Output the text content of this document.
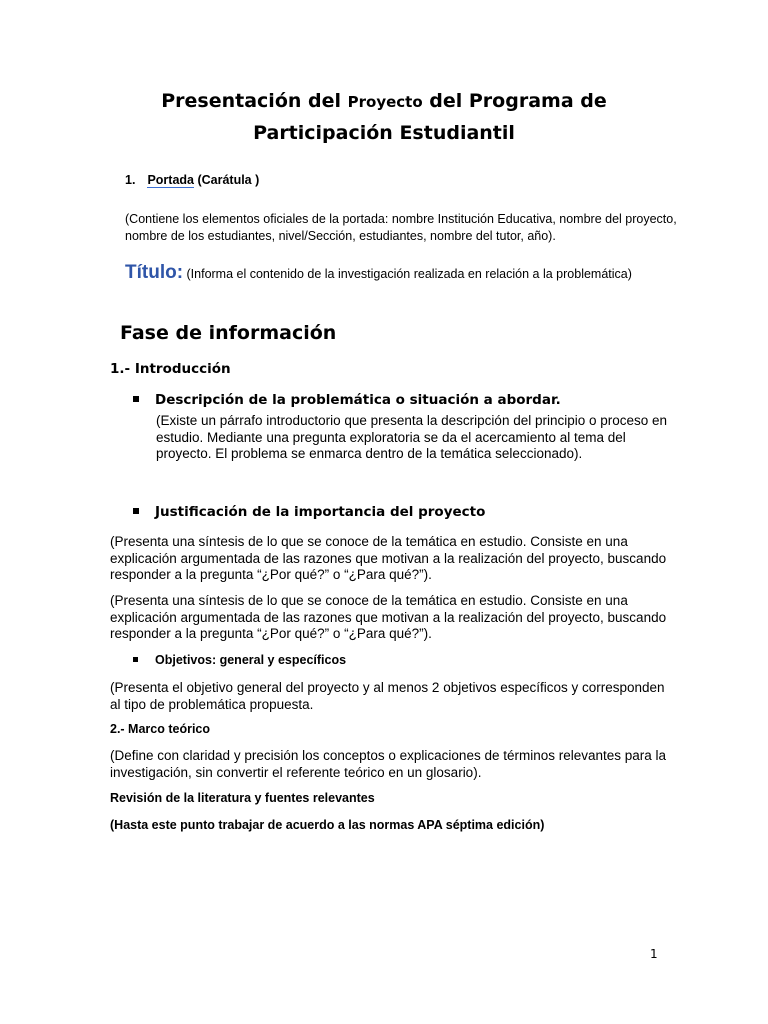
Presentación del Proyecto del Programa de
Participación Estudiantil
1. Portada (Carátula )

(Contiene los elementos oficiales de la portada: nombre Institución Educativa, nombre del proyecto, nombre de los estudiantes, nivel/Sección, estudiantes, nombre del tutor, año).

Título: (Informa el contenido de la investigación realizada en relación a la problemática)

Fase de información
1.- Introducción
Descripción de la problemática o situación a abordar.

(Existe un párrafo introductorio que presenta la descripción del principio o proceso en estudio. Mediante una pregunta exploratoria se da el acercamiento al tema del proyecto. El problema se enmarca dentro de la temática seleccionado).

Justificación de la importancia del proyecto

(Presenta una síntesis de lo que se conoce de la temática en estudio. Consiste en una explicación argumentada de las razones que motivan a la realización del proyecto, buscando responder a la pregunta “¿Por qué?” o “¿Para qué?”).

(Presenta una síntesis de lo que se conoce de la temática en estudio. Consiste en una explicación argumentada de las razones que motivan a la realización del proyecto, buscando responder a la pregunta “¿Por qué?” o “¿Para qué?”).

Objetivos: general y específicos

(Presenta el objetivo general del proyecto y al menos 2 objetivos específicos y corresponden al tipo de problemática propuesta.

2.- Marco teórico

(Define con claridad y precisión los conceptos o explicaciones de términos relevantes para la investigación, sin convertir el referente teórico en un glosario).

Revisión de la literatura y fuentes relevantes

(Hasta este punto trabajar de acuerdo a las normas APA séptima edición)

1
